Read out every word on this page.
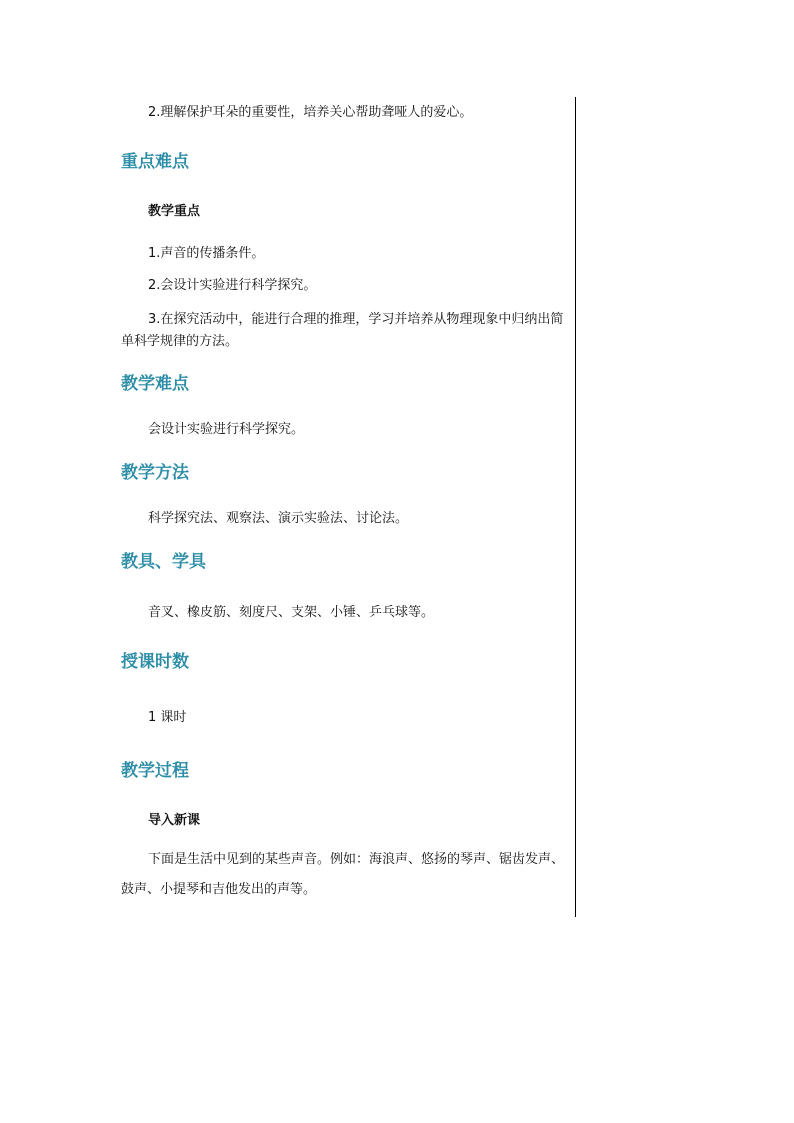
2.理解保护耳朵的重要性，培养关心帮助聋哑人的爱心。
重点难点
教学重点
1.声音的传播条件。
2.会设计实验进行科学探究。
3.在探究活动中，能进行合理的推理，学习并培养从物理现象中归纳出简单科学规律的方法。
教学难点
会设计实验进行科学探究。
教学方法
科学探究法、观察法、演示实验法、讨论法。
教具、学具
音叉、橡皮筋、刻度尺、支架、小锤、乒乓球等。
授课时数
1 课时
教学过程
导入新课
下面是生活中见到的某些声音。例如：海浪声、悠扬的琴声、锯齿发声、鼓声、小提琴和吉他发出的声等。
